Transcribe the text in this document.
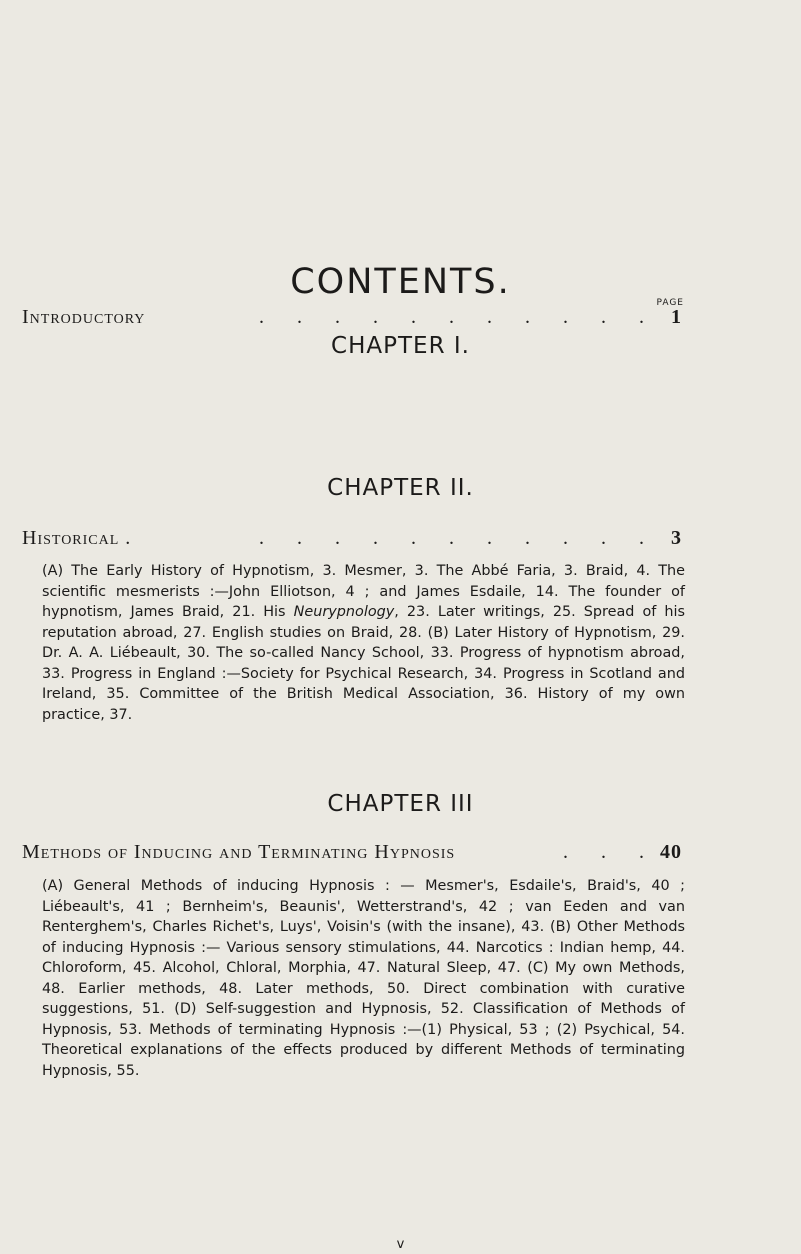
CONTENTS.
CHAPTER I.
PAGE
Introductory	. . . . . . . . . . . 1
CHAPTER II.
Historical .	. . . . . . . . . . . 3

(A) The Early History of Hypnotism, 3. Mesmer, 3. The Abbé Faria, 3. Braid, 4. The scientific mesmerists :—John Elliotson, 4 ; and James Esdaile, 14. The founder of hypnotism, James Braid, 21. His Neurypnology, 23. Later writings, 25. Spread of his reputation abroad, 27. English studies on Braid, 28. (B) Later History of Hypnotism, 29. Dr. A. A. Liébeault, 30. The so-called Nancy School, 33. Progress of hypnotism abroad, 33. Progress in England :—Society for Psychical Research, 34. Progress in Scotland and Ireland, 35. Committee of the British Medical Association, 36. History of my own practice, 37.

CHAPTER III
Methods of Inducing and Terminating Hypnosis	. . . 40

(A) General Methods of inducing Hypnosis : — Mesmer's, Esdaile's, Braid's, 40 ; Liébeault's, 41 ; Bernheim's, Beaunis', Wetterstrand's, 42 ; van Eeden and van Renterghem's, Charles Richet's, Luys', Voisin's (with the insane), 43. (B) Other Methods of inducing Hypnosis :— Various sensory stimulations, 44. Narcotics : Indian hemp, 44. Chloroform, 45. Alcohol, Chloral, Morphia, 47. Natural Sleep, 47. (C) My own Methods, 48. Earlier methods, 48. Later methods, 50. Direct combination with curative suggestions, 51. (D) Self-suggestion and Hypnosis, 52. Classification of Methods of Hypnosis, 53. Methods of terminating Hypnosis :—(1) Physical, 53 ; (2) Psychical, 54. Theoretical explanations of the effects produced by different Methods of terminating Hypnosis, 55.

v
